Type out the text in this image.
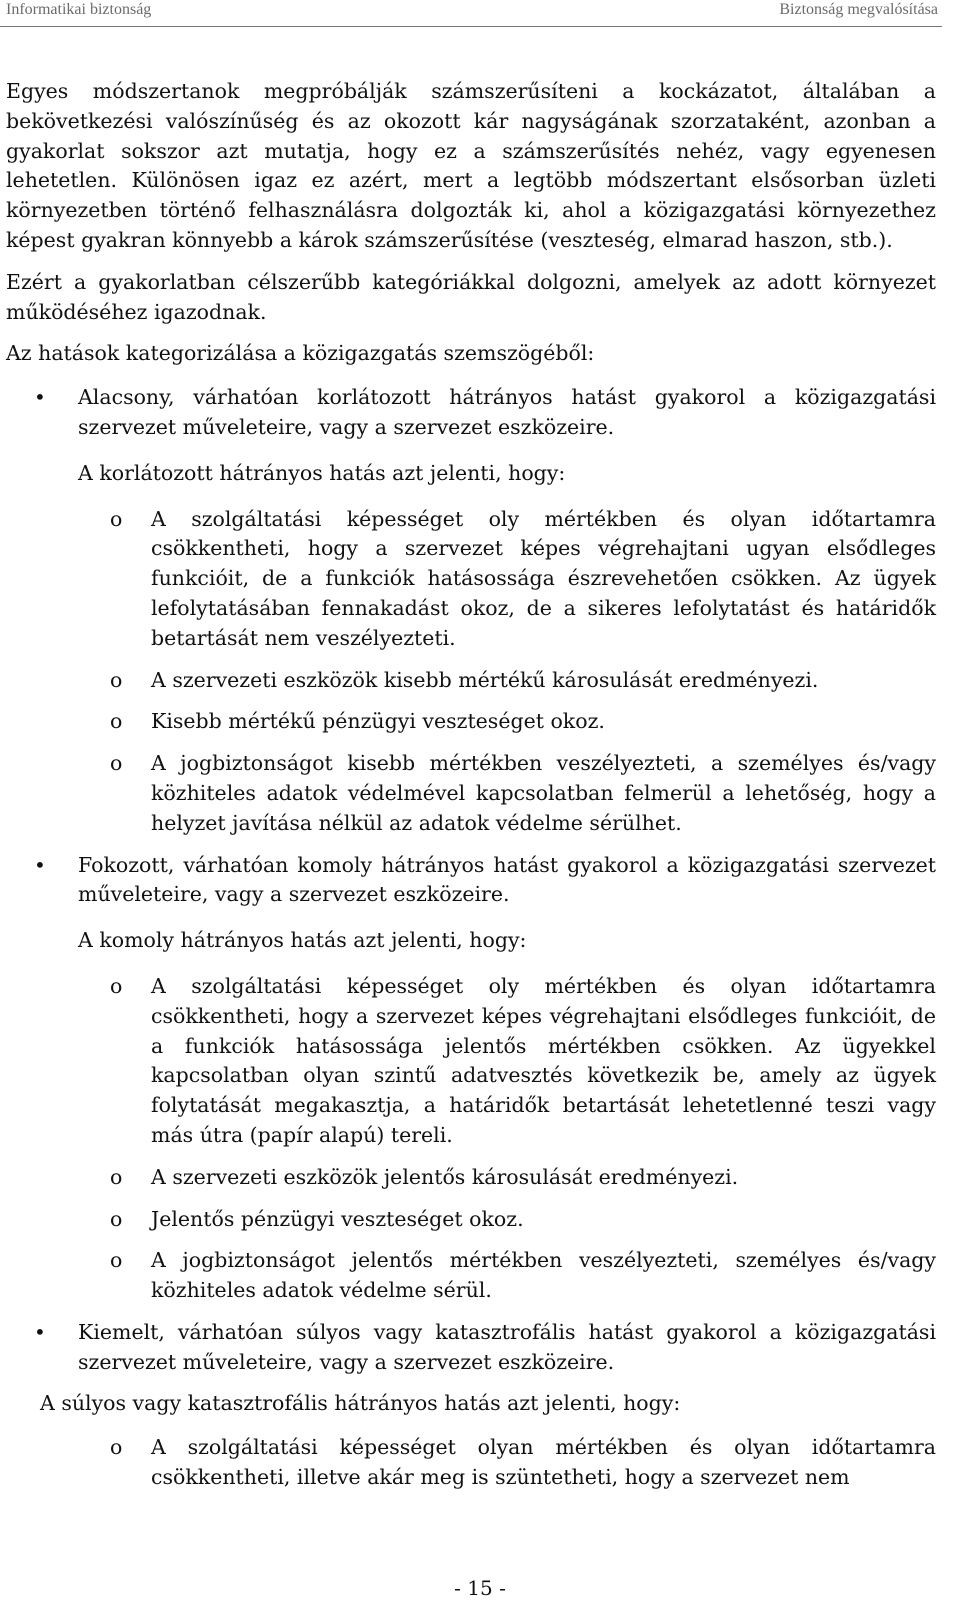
Informatikai biztonság	Biztonság megvalósítása

Egyes módszertanok megpróbálják számszerűsíteni a kockázatot, általában a bekövetkezési valószínűség és az okozott kár nagyságának szorzataként, azonban a gyakorlat sokszor azt mutatja, hogy ez a számszerűsítés nehéz, vagy egyenesen lehetetlen. Különösen igaz ez azért, mert a legtöbb módszertant elsősorban üzleti környezetben történő felhasználásra dolgozták ki, ahol a közigazgatási környezethez képest gyakran könnyebb a károk számszerűsítése (veszteség, elmarad haszon, stb.).

Ezért a gyakorlatban célszerűbb kategóriákkal dolgozni, amelyek az adott környezet működéséhez igazodnak.

Az hatások kategorizálása a közigazgatás szemszögéből:

• Alacsony, várhatóan korlátozott hátrányos hatást gyakorol a közigazgatási szervezet műveleteire, vagy a szervezet eszközeire.

A korlátozott hátrányos hatás azt jelenti, hogy:

o A szolgáltatási képességet oly mértékben és olyan időtartamra csökkentheti, hogy a szervezet képes végrehajtani ugyan elsődleges funkcióit, de a funkciók hatásossága észrevehetően csökken. Az ügyek lefolytatásában fennakadást okoz, de a sikeres lefolytatást és határidők betartását nem veszélyezteti.
o A szervezeti eszközök kisebb mértékű károsulását eredményezi.
o Kisebb mértékű pénzügyi veszteséget okoz.
o A jogbiztonságot kisebb mértékben veszélyezteti, a személyes és/vagy közhiteles adatok védelmével kapcsolatban felmerül a lehetőség, hogy a helyzet javítása nélkül az adatok védelme sérülhet.

• Fokozott, várhatóan komoly hátrányos hatást gyakorol a közigazgatási szervezet műveleteire, vagy a szervezet eszközeire.

A komoly hátrányos hatás azt jelenti, hogy:

o A szolgáltatási képességet oly mértékben és olyan időtartamra csökkentheti, hogy a szervezet képes végrehajtani elsődleges funkcióit, de a funkciók hatásossága jelentős mértékben csökken. Az ügyekkel kapcsolatban olyan szintű adatvesztés következik be, amely az ügyek folytatását megakasztja, a határidők betartását lehetetlenné teszi vagy más útra (papír alapú) tereli.
o A szervezeti eszközök jelentős károsulását eredményezi.
o Jelentős pénzügyi veszteséget okoz.
o A jogbiztonságot jelentős mértékben veszélyezteti, személyes és/vagy közhiteles adatok védelme sérül.

• Kiemelt, várhatóan súlyos vagy katasztrofális hatást gyakorol a közigazgatási szervezet műveleteire, vagy a szervezet eszközeire.

A súlyos vagy katasztrofális hátrányos hatás azt jelenti, hogy:

o A szolgáltatási képességet olyan mértékben és olyan időtartamra csökkentheti, illetve akár meg is szüntetheti, hogy a szervezet nem
- 15 -
